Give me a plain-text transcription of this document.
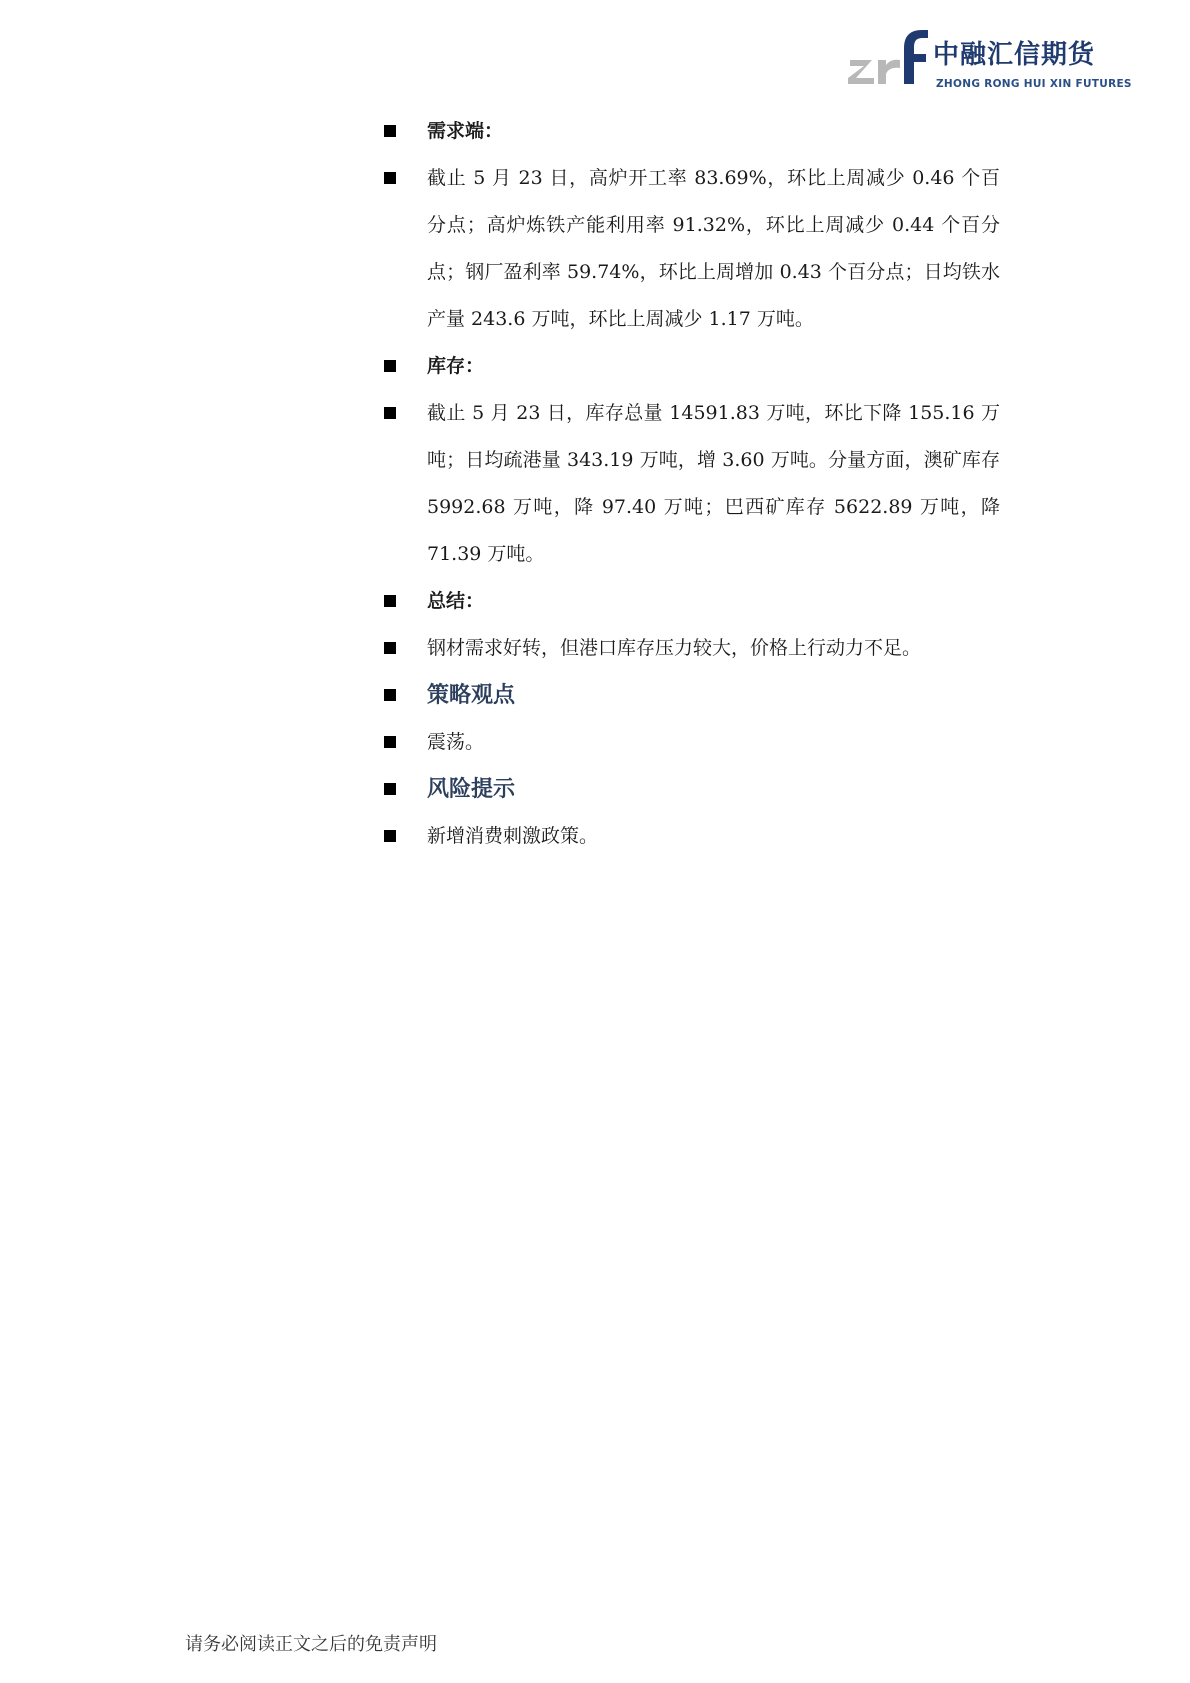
中融汇信期货
ZHONG RONG HUI XIN FUTURES
需求端：
截止 5 月 23 日，高炉开工率 83.69%，环比上周减少 0.46 个百分点；高炉炼铁产能利用率 91.32%，环比上周减少 0.44 个百分点；钢厂盈利率 59.74%，环比上周增加 0.43 个百分点；日均铁水产量 243.6 万吨，环比上周减少 1.17 万吨。
库存：
截止 5 月 23 日，库存总量 14591.83 万吨，环比下降 155.16 万吨；日均疏港量 343.19 万吨，增 3.60 万吨。分量方面，澳矿库存 5992.68 万吨，降 97.40 万吨；巴西矿库存 5622.89 万吨，降 71.39 万吨。
总结：
钢材需求好转，但港口库存压力较大，价格上行动力不足。
策略观点
震荡。
风险提示
新增消费刺激政策。
请务必阅读正文之后的免责声明
